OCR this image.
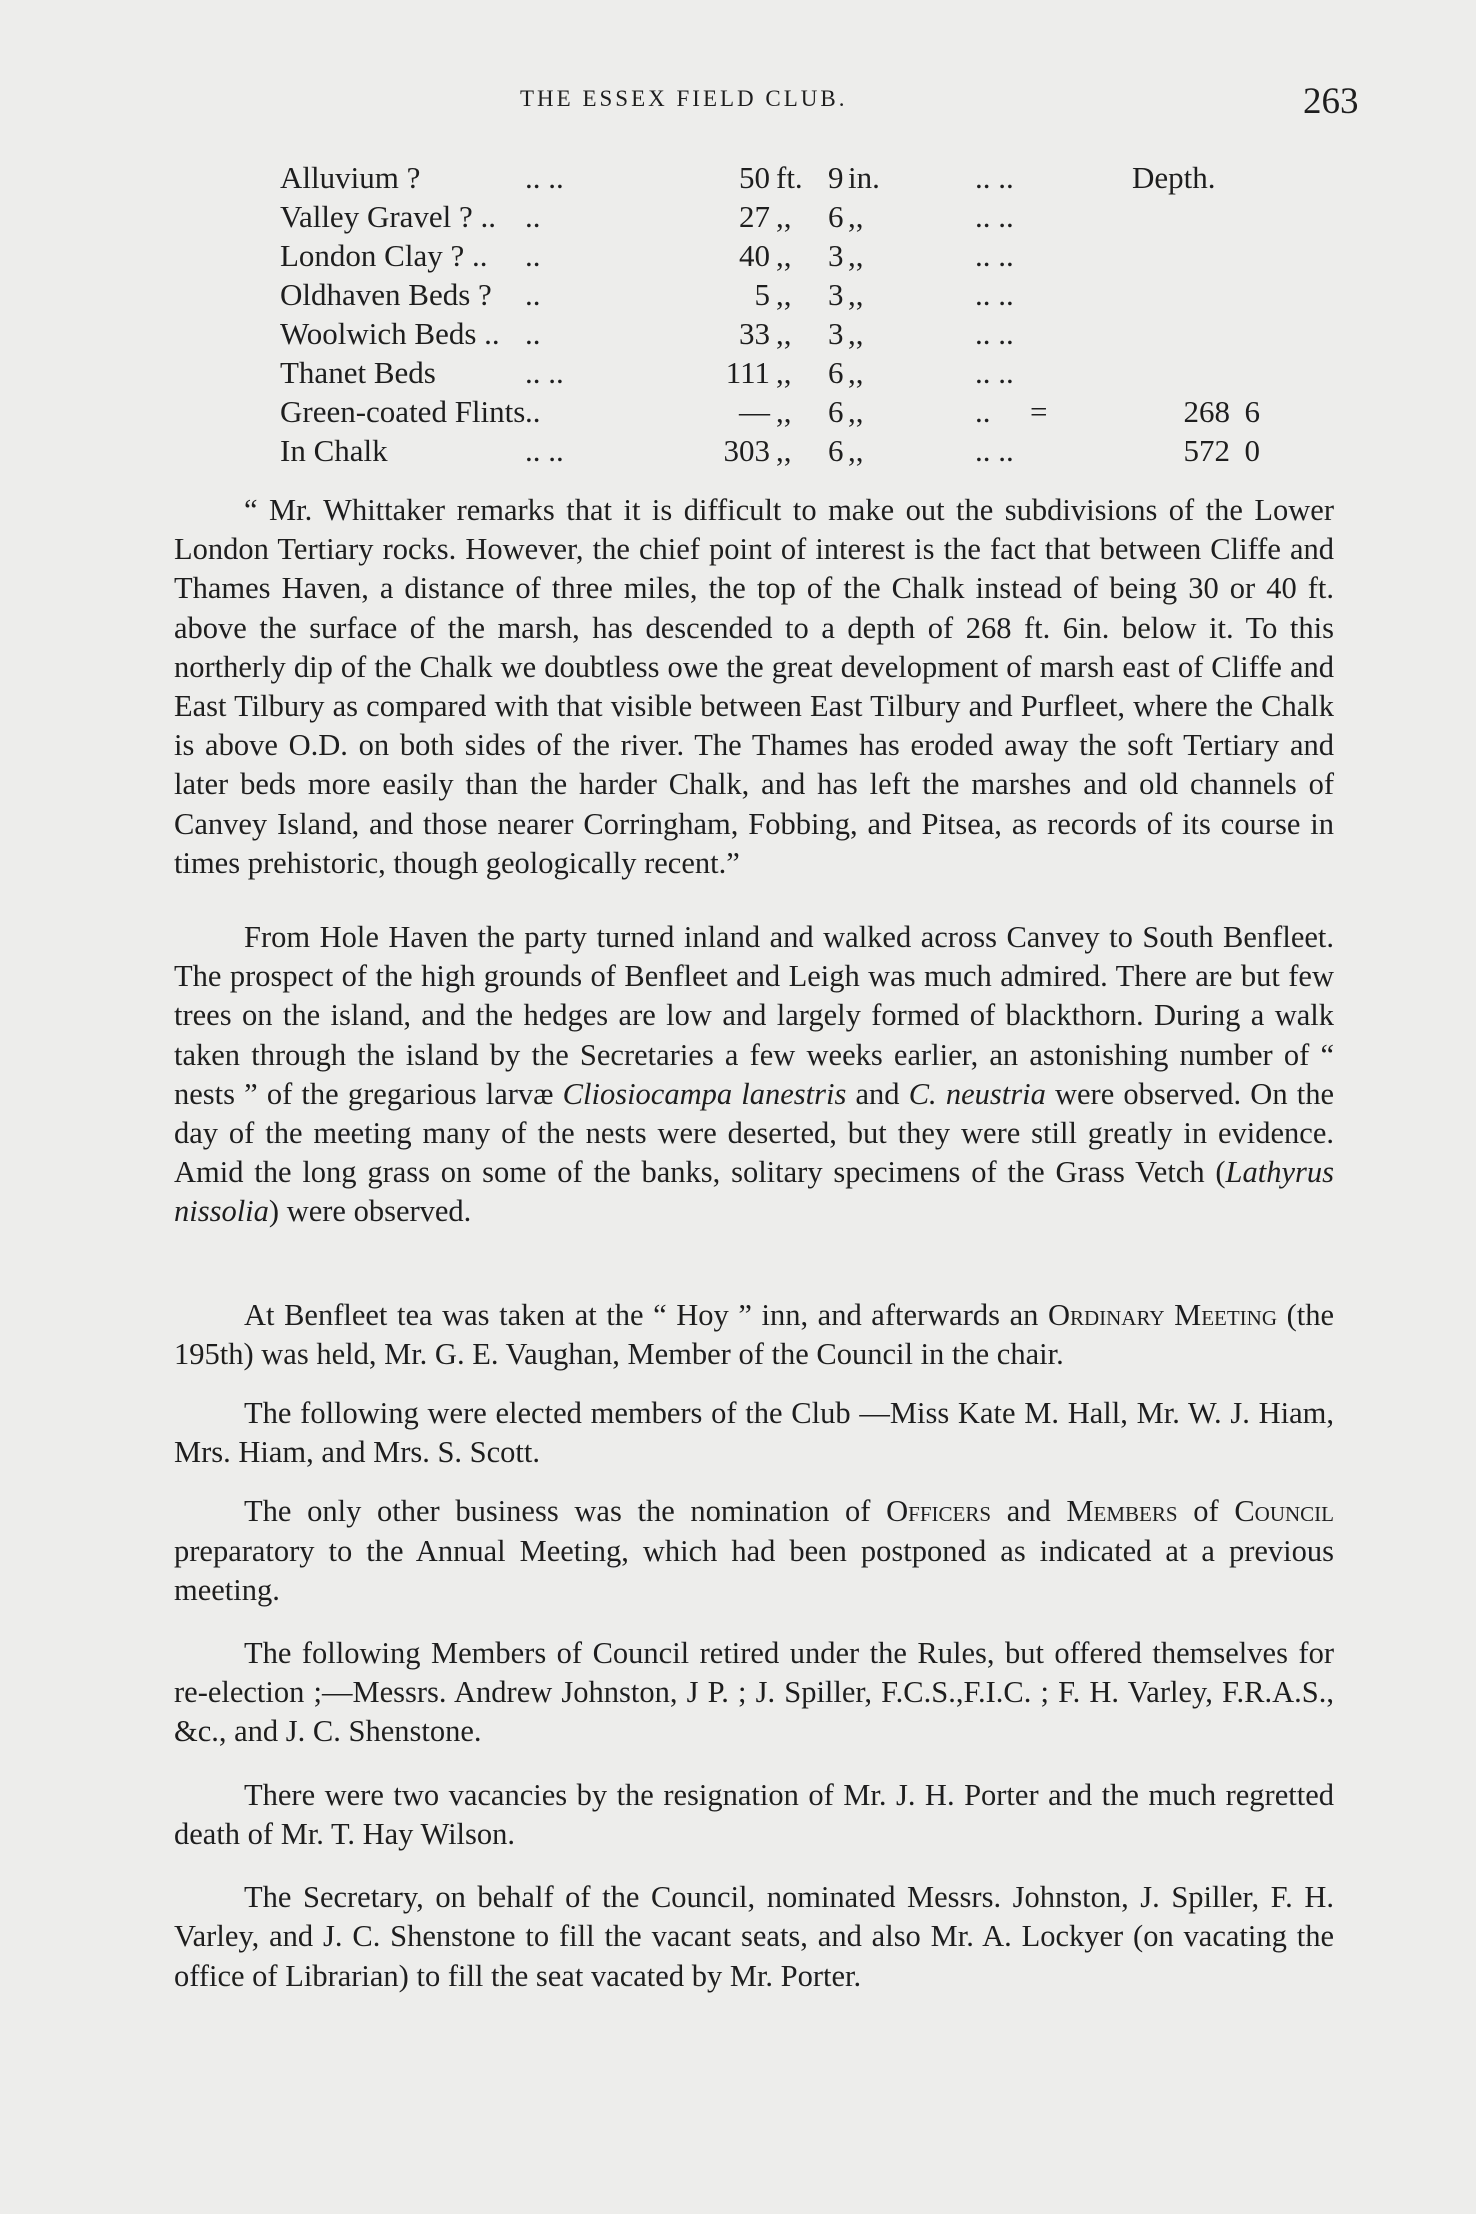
THE ESSEX FIELD CLUB.	263
Alluvium ?	.. ..	50 ft. 9 in.	.. ..	Depth.
Valley Gravel ? .. ..	27 ,, 6 ,,	.. ..
London Clay ? .. ..	40 ,, 3 ,,	.. ..
Oldhaven Beds ? ..	5 ,, 3 ,,	.. ..
Woolwich Beds .. ..	33 ,, 3 ,,	.. ..
Thanet Beds	.. ..	111 ,, 6 ,,	.. ..
Green-coated Flints ..	— ,, 6 ,,	.. =	268 6
In Chalk	.. ..	303 ,, 6 ,,	.. ..	572 0

“ Mr. Whittaker remarks that it is difficult to make out the subdivisions of the Lower London Tertiary rocks. However, the chief point of interest is the fact that between Cliffe and Thames Haven, a distance of three miles, the top of the Chalk instead of being 30 or 40 ft. above the surface of the marsh, has descended to a depth of 268 ft. 6in. below it. To this northerly dip of the Chalk we doubtless owe the great development of marsh east of Cliffe and East Tilbury as compared with that visible between East Tilbury and Purfleet, where the Chalk is above O.D. on both sides of the river. The Thames has eroded away the soft Tertiary and later beds more easily than the harder Chalk, and has left the marshes and old channels of Canvey Island, and those nearer Corringham, Fobbing, and Pitsea, as records of its course in times prehistoric, though geologically recent.”

From Hole Haven the party turned inland and walked across Canvey to South Benfleet. The prospect of the high grounds of Benfleet and Leigh was much admired. There are but few trees on the island, and the hedges are low and largely formed of blackthorn. During a walk taken through the island by the Secretaries a few weeks earlier, an astonishing number of “ nests ” of the gregarious larvæ Cliosiocampa lanestris and C. neustria were observed. On the day of the meeting many of the nests were deserted, but they were still greatly in evidence. Amid the long grass on some of the banks, solitary specimens of the Grass Vetch (Lathyrus nissolia) were observed.

At Benfleet tea was taken at the “ Hoy ” inn, and afterwards an Ordinary Meeting (the 195th) was held, Mr. G. E. Vaughan, Member of the Council in the chair.

The following were elected members of the Club —Miss Kate M. Hall, Mr. W. J. Hiam, Mrs. Hiam, and Mrs. S. Scott.

The only other business was the nomination of Officers and Members of Council preparatory to the Annual Meeting, which had been postponed as indicated at a previous meeting.

The following Members of Council retired under the Rules, but offered themselves for re-election ;—Messrs. Andrew Johnston, J P. ; J. Spiller, F.C.S.,F.I.C. ; F. H. Varley, F.R.A.S., &c., and J. C. Shenstone.

There were two vacancies by the resignation of Mr. J. H. Porter and the much regretted death of Mr. T. Hay Wilson.

The Secretary, on behalf of the Council, nominated Messrs. Johnston, J. Spiller, F. H. Varley, and J. C. Shenstone to fill the vacant seats, and also Mr. A. Lockyer (on vacating the office of Librarian) to fill the seat vacated by Mr. Porter.
